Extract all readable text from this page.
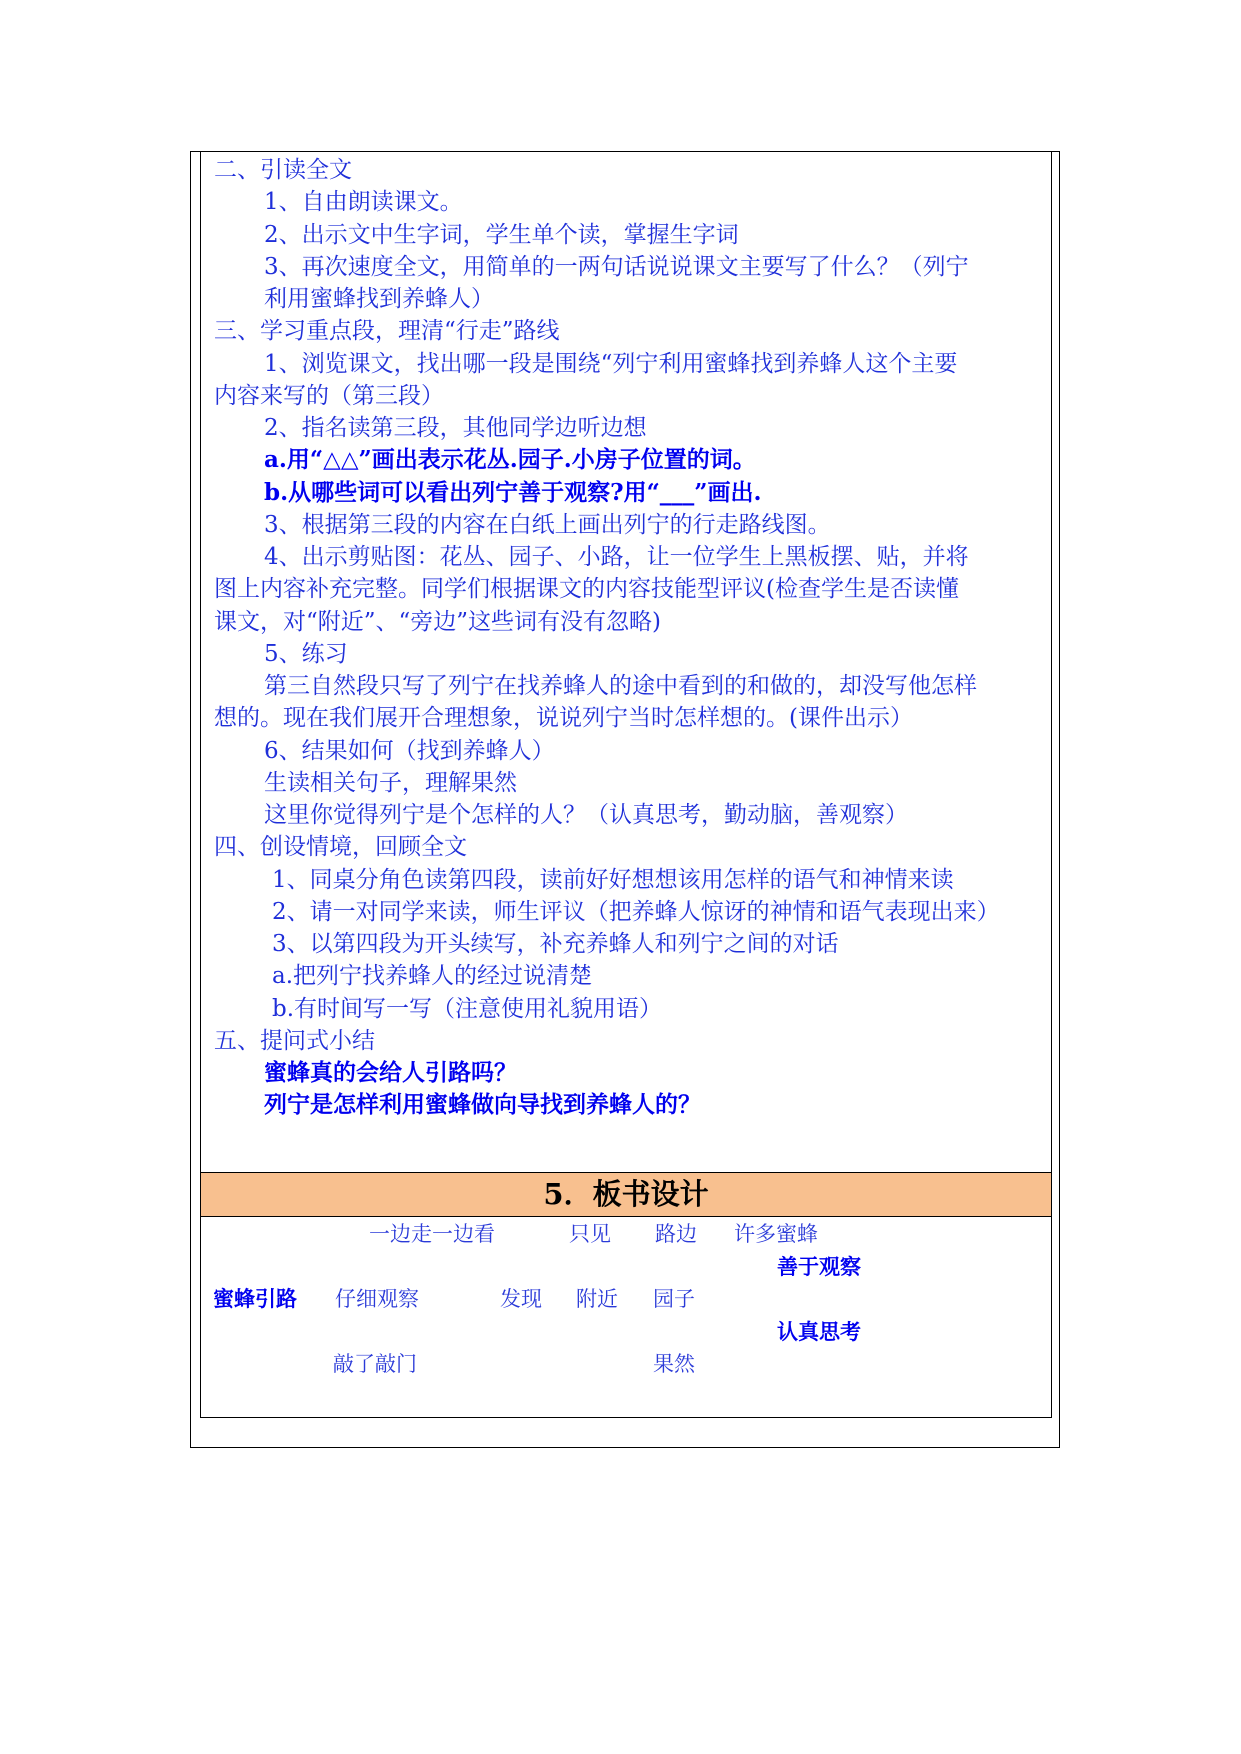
二、引读全文
1、自由朗读课文。
2、出示文中生字词，学生单个读，掌握生字词
3、再次速度全文，用简单的一两句话说说课文主要写了什么？（列宁
利用蜜蜂找到养蜂人）
三、学习重点段，理清“行走”路线
1、浏览课文，找出哪一段是围绕“列宁利用蜜蜂找到养蜂人这个主要
内容来写的（第三段）
2、指名读第三段，其他同学边听边想
a.用“△△”画出表示花丛.园子.小房子位置的词。
b.从哪些词可以看出列宁善于观察?用“___”画出.
3、根据第三段的内容在白纸上画出列宁的行走路线图。
4、出示剪贴图：花丛、园子、小路，让一位学生上黑板摆、贴，并将
图上内容补充完整。同学们根据课文的内容技能型评议(检查学生是否读懂
课文，对“附近”、“旁边”这些词有没有忽略)
5、练习
第三自然段只写了列宁在找养蜂人的途中看到的和做的，却没写他怎样
想的。现在我们展开合理想象，说说列宁当时怎样想的。(课件出示）
6、结果如何（找到养蜂人）
生读相关句子，理解果然
这里你觉得列宁是个怎样的人？（认真思考，勤动脑，善观察）
四、创设情境，回顾全文
1、同桌分角色读第四段，读前好好想想该用怎样的语气和神情来读
2、请一对同学来读，师生评议（把养蜂人惊讶的神情和语气表现出来）
3、以第四段为开头续写，补充养蜂人和列宁之间的对话
a.把列宁找养蜂人的经过说清楚
b.有时间写一写（注意使用礼貌用语）
五、提问式小结
蜜蜂真的会给人引路吗？
列宁是怎样利用蜜蜂做向导找到养蜂人的？
5．板书设计
一边走一边看	只见 路边 许多蜜蜂
善于观察
蜜蜂引路 仔细观察	发现 附近 园子
认真思考
敲了敲门	果然
